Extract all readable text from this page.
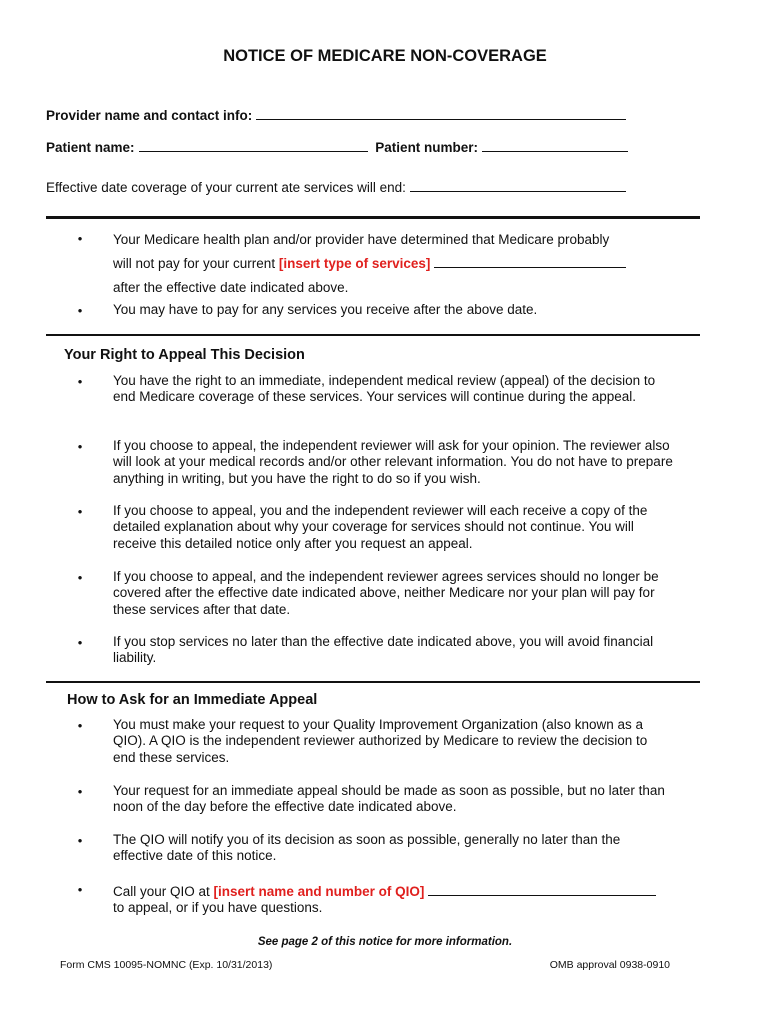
NOTICE OF MEDICARE NON-COVERAGE
Provider name and contact info:
Patient name:	Patient number:
Effective date coverage of your current ate services will end:
•	Your Medicare health plan and/or provider have determined that Medicare probably
will not pay for your current [insert type of services]
after the effective date indicated above.
•	You may have to pay for any services you receive after the above date.
Your Right to Appeal This Decision
•	You have the right to an immediate, independent medical review (appeal) of the decision to end Medicare coverage of these services. Your services will continue during the appeal.
•	If you choose to appeal, the independent reviewer will ask for your opinion. The reviewer also will look at your medical records and/or other relevant information. You do not have to prepare anything in writing, but you have the right to do so if you wish.
•	If you choose to appeal, you and the independent reviewer will each receive a copy of the detailed explanation about why your coverage for services should not continue. You will receive this detailed notice only after you request an appeal.
•	If you choose to appeal, and the independent reviewer agrees services should no longer be covered after the effective date indicated above, neither Medicare nor your plan will pay for these services after that date.
•	If you stop services no later than the effective date indicated above, you will avoid financial liability.
How to Ask for an Immediate Appeal
•	You must make your request to your Quality Improvement Organization (also known as a QIO). A QIO is the independent reviewer authorized by Medicare to review the decision to end these services.
•	Your request for an immediate appeal should be made as soon as possible, but no later than noon of the day before the effective date indicated above.
•	The QIO will notify you of its decision as soon as possible, generally no later than the effective date of this notice.
•	Call your QIO at [insert name and number of QIO]
to appeal, or if you have questions.
See page 2 of this notice for more information.
Form CMS 10095-NOMNC (Exp. 10/31/2013)	OMB approval 0938-0910
